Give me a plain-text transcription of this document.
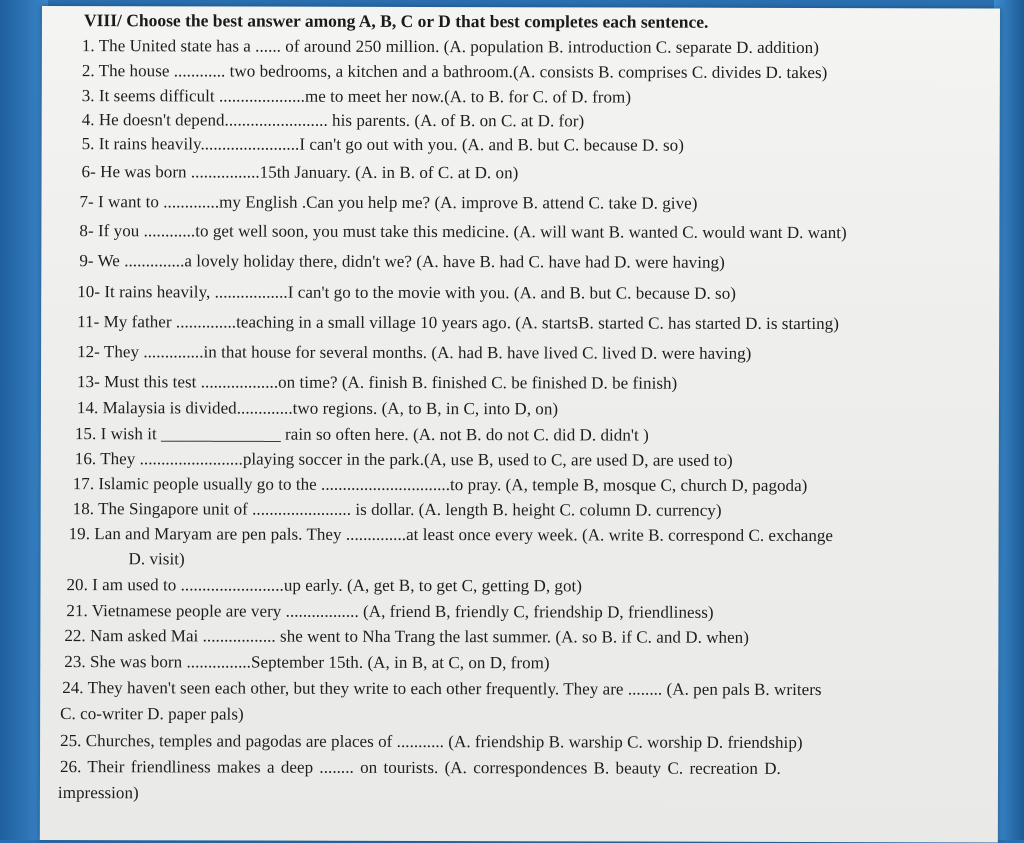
VIII/ Choose the best answer among A, B, C or D that best completes each sentence.
1. The United state has a ...... of around 250 million. (A. population B. introduction C. separate D. addition)
2. The house ............ two bedrooms, a kitchen and a bathroom.(A. consists B. comprises C. divides D. takes)
3. It seems difficult ....................me to meet her now.(A. to B. for C. of D. from)
4. He doesn't depend........................ his parents. (A. of B. on C. at D. for)
5. It rains heavily.......................I can't go out with you. (A. and B. but C. because D. so)
6- He was born ................15th January. (A. in B. of C. at D. on)
7- I want to .............my English .Can you help me? (A. improve B. attend C. take D. give)
8- If you ............to get well soon, you must take this medicine. (A. will want B. wanted C. would want D. want)
9- We ..............a lovely holiday there, didn't we? (A. have B. had C. have had D. were having)
10- It rains heavily, .................I can't go to the movie with you. (A. and B. but C. because D. so)
11- My father ..............teaching in a small village 10 years ago. (A. startsB. started C. has started D. is starting)
12- They ..............in that house for several months. (A. had B. have lived C. lived D. were having)
13- Must this test ..................on time? (A. finish B. finished C. be finished D. be finish)
14. Malaysia is divided.............two regions. (A, to B, in C, into D, on)
15. I wish it ______________ rain so often here. (A. not B. do not C. did D. didn't )
16. They ........................playing soccer in the park.(A, use B, used to C, are used D, are used to)
17. Islamic people usually go to the ..............................to pray. (A, temple B, mosque C, church D, pagoda)
18. The Singapore unit of ....................... is dollar. (A. length B. height C. column D. currency)
19. Lan and Maryam are pen pals. They ..............at least once every week. (A. write B. correspond C. exchange
D. visit)
20. I am used to ........................up early. (A, get B, to get C, getting D, got)
21. Vietnamese people are very ................. (A, friend B, friendly C, friendship D, friendliness)
22. Nam asked Mai ................. she went to Nha Trang the last summer. (A. so B. if C. and D. when)
23. She was born ...............September 15th. (A, in B, at C, on D, from)
24. They haven't seen each other, but they write to each other frequently. They are ........ (A. pen pals B. writers
C. co-writer D. paper pals)
25. Churches, temples and pagodas are places of ........... (A. friendship B. warship C. worship D. friendship)
26. Their friendliness makes a deep ........ on tourists. (A. correspondences B. beauty C. recreation D.
impression)
